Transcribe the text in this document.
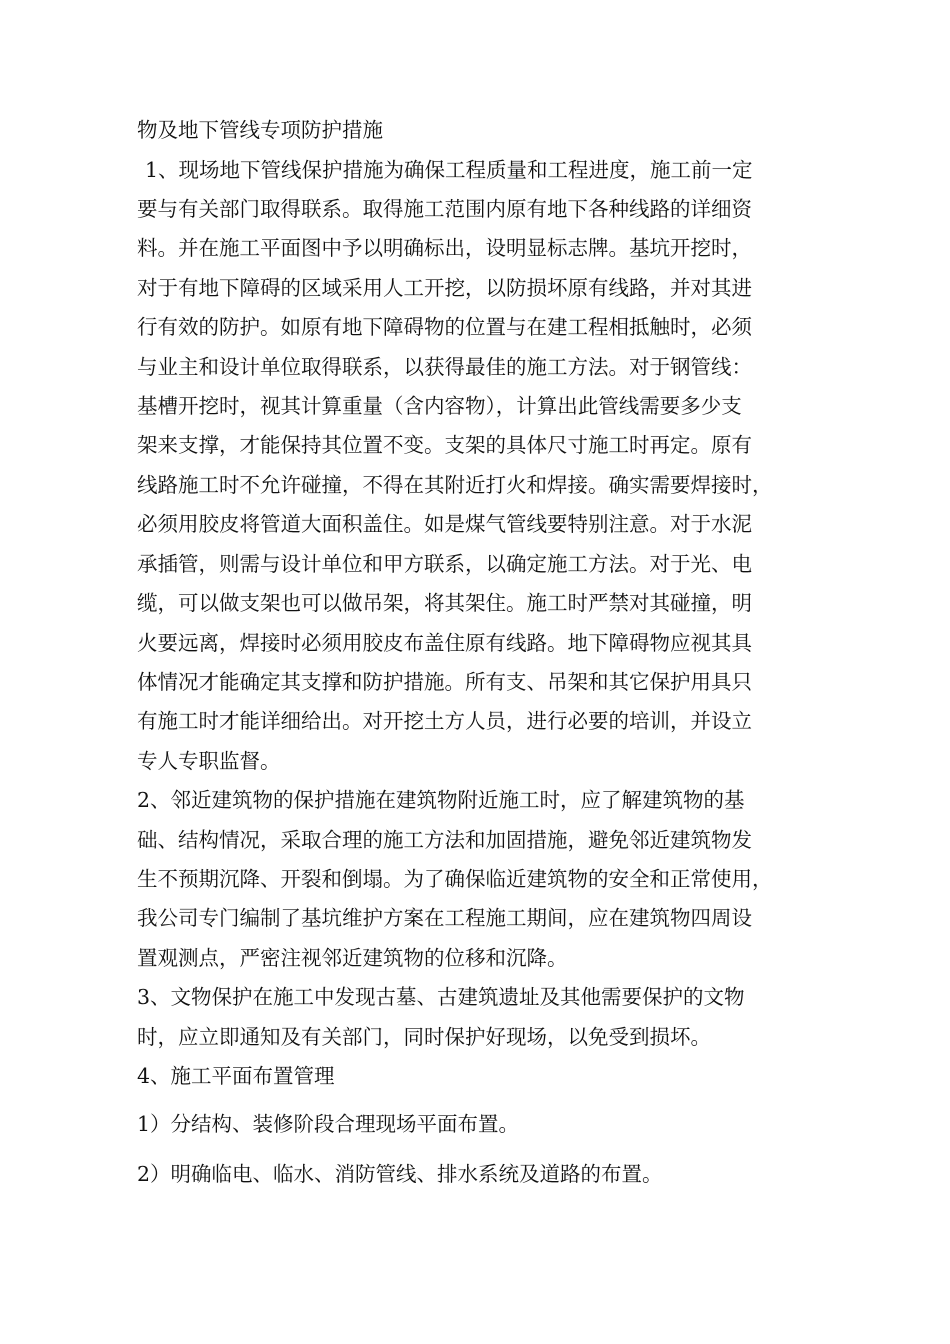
物及地下管线专项防护措施
1、现场地下管线保护措施为确保工程质量和工程进度，施工前一定
要与有关部门取得联系。取得施工范围内原有地下各种线路的详细资
料。并在施工平面图中予以明确标出，设明显标志牌。基坑开挖时，
对于有地下障碍的区域采用人工开挖，以防损坏原有线路，并对其进
行有效的防护。如原有地下障碍物的位置与在建工程相抵触时，必须
与业主和设计单位取得联系，以获得最佳的施工方法。对于钢管线：
基槽开挖时，视其计算重量（含内容物），计算出此管线需要多少支
架来支撑，才能保持其位置不变。支架的具体尺寸施工时再定。原有
线路施工时不允许碰撞，不得在其附近打火和焊接。确实需要焊接时，
必须用胶皮将管道大面积盖住。如是煤气管线要特别注意。对于水泥
承插管，则需与设计单位和甲方联系，以确定施工方法。对于光、电
缆，可以做支架也可以做吊架，将其架住。施工时严禁对其碰撞，明
火要远离，焊接时必须用胶皮布盖住原有线路。地下障碍物应视其具
体情况才能确定其支撑和防护措施。所有支、吊架和其它保护用具只
有施工时才能详细给出。对开挖土方人员，进行必要的培训，并设立
专人专职监督。
2、邻近建筑物的保护措施在建筑物附近施工时，应了解建筑物的基
础、结构情况，采取合理的施工方法和加固措施，避免邻近建筑物发
生不预期沉降、开裂和倒塌。为了确保临近建筑物的安全和正常使用，
我公司专门编制了基坑维护方案在工程施工期间，应在建筑物四周设
置观测点，严密注视邻近建筑物的位移和沉降。
3、文物保护在施工中发现古墓、古建筑遗址及其他需要保护的文物
时，应立即通知及有关部门，同时保护好现场，以免受到损坏。
4、施工平面布置管理
1）分结构、装修阶段合理现场平面布置。
2）明确临电、临水、消防管线、排水系统及道路的布置。
